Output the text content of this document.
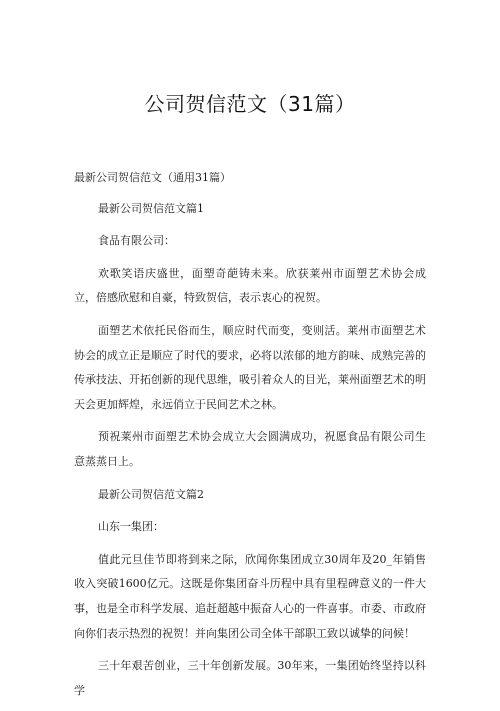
公司贺信范文（31篇）

最新公司贺信范文（通用31篇）

最新公司贺信范文篇1

食品有限公司：

欢歌笑语庆盛世，面塑奇葩铸未来。欣获莱州市面塑艺术协会成立，倍感欣慰和自豪，特致贺信，表示衷心的祝贺。

面塑艺术依托民俗而生，顺应时代而变，变则活。莱州市面塑艺术协会的成立正是顺应了时代的要求，必将以浓郁的地方韵味、成熟完善的传承技法、开拓创新的现代思维，吸引着众人的目光，莱州面塑艺术的明天会更加辉煌，永远俏立于民间艺术之林。

预祝莱州市面塑艺术协会成立大会圆满成功，祝愿食品有限公司生意蒸蒸日上。

最新公司贺信范文篇2

山东一集团：

值此元旦佳节即将到来之际，欣闻你集团成立30周年及20_年销售收入突破1600亿元。这既是你集团奋斗历程中具有里程碑意义的一件大事，也是全市科学发展、追赶超越中振奋人心的一件喜事。市委、市政府向你们表示热烈的祝贺！并向集团公司全体干部职工致以诚挚的问候！

三十年艰苦创业，三十年创新发展。30年来，一集团始终坚持以科学
